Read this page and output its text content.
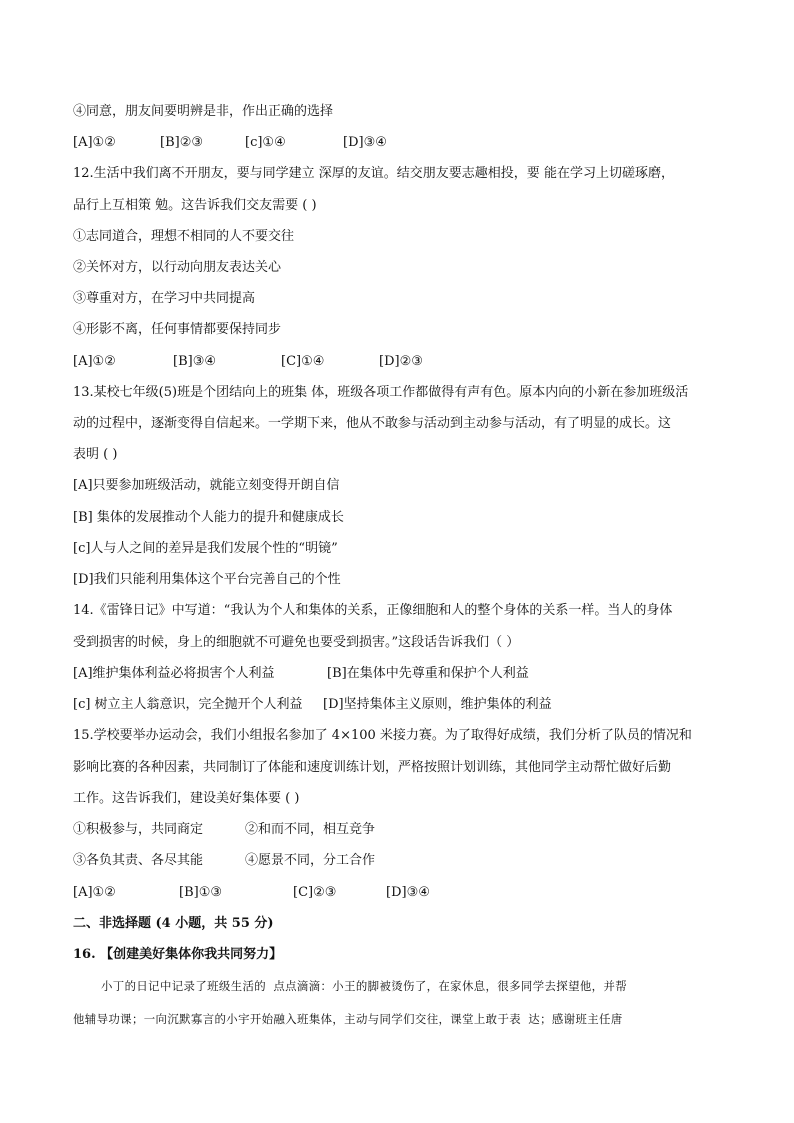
④同意，朋友间要明辨是非，作出正确的选择
[A]①②	[B]②③	[c]①④	[D]③④
12.生活中我们离不开朋友，要与同学建立 深厚的友谊。结交朋友要志趣相投，要 能在学习上切磋琢磨，
品行上互相策 勉。这告诉我们交友需要 ( )
①志同道合，理想不相同的人不要交往
②关怀对方，以行动向朋友表达关心
③尊重对方，在学习中共同提高
④形影不离，任何事情都要保持同步
[A]①②	[B]③④	[C]①④	[D]②③
13.某校七年级(5)班是个团结向上的班集 体，班级各项工作都做得有声有色。原本内向的小新在参加班级活
动的过程中，逐渐变得自信起来。一学期下来，他从不敢参与活动到主动参与活动，有了明显的成长。这
表明 ( )
[A]只要参加班级活动，就能立刻变得开朗自信
[B] 集体的发展推动个人能力的提升和健康成长
[c]人与人之间的差异是我们发展个性的“明镜”
[D]我们只能利用集体这个平台完善自己的个性
14.《雷锋日记》中写道：“我认为个人和集体的关系，正像细胞和人的整个身体的关系一样。当人的身体
受到损害的时候，身上的细胞就不可避免也要受到损害。”这段话告诉我们（ ）
[A]维护集体利益必将损害个人利益	[B]在集体中先尊重和保护个人利益
[c] 树立主人翁意识，完全抛开个人利益 [D]坚持集体主义原则，维护集体的利益
15.学校要举办运动会，我们小组报名参加了 4×100 米接力赛。为了取得好成绩，我们分析了队员的情况和
影响比赛的各种因素，共同制订了体能和速度训练计划，严格按照计划训练，其他同学主动帮忙做好后勤
工作。这告诉我们，建设美好集体要 ( )
①积极参与，共同商定	②和而不同，相互竞争
③各负其责、各尽其能	④愿景不同，分工合作
[A]①②	[B]①③	[C]②③	[D]③④
二、非选择题 (4 小题，共 55 分)
16. 【创建美好集体你我共同努力】
小丁的日记中记录了班级生活的 点点滴滴：小王的脚被烫伤了，在家休息，很多同学去探望他，并帮
他辅导功课；一向沉默寡言的小宇开始融入班集体，主动与同学们交往，课堂上敢于表 达；感谢班主任唐
